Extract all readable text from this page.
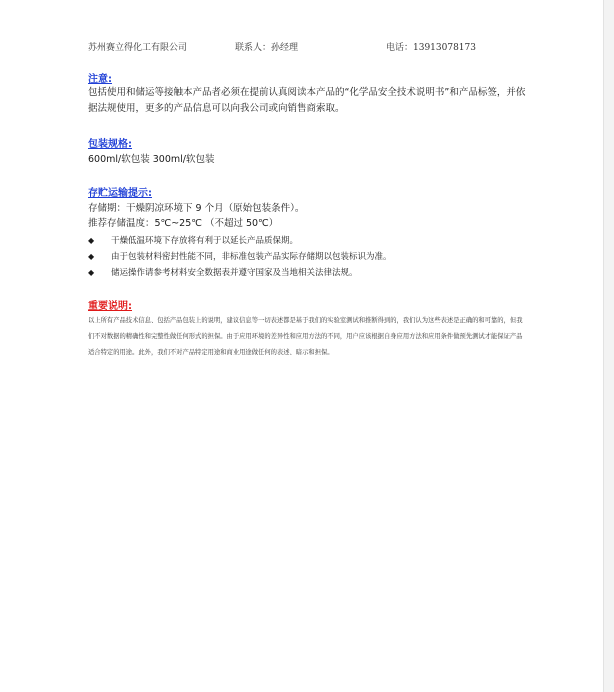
苏州赛立得化工有限公司	联系人：孙经理	电话：13913078173
注意:
包括使用和储运等接触本产品者必须在提前认真阅读本产品的“化学品安全技术说明书”和产品标签，并依据法规使用，更多的产品信息可以向我公司或向销售商索取。
包装规格:
600ml/软包装 300ml/软包装
存贮运输提示:
存储期：干燥阴凉环境下 9 个月（原始包装条件）。
推荐存储温度：5℃~25℃ （不超过 50℃）
◆ 干燥低温环境下存放将有利于以延长产品质保期。
◆ 由于包装材料密封性能不同，非标准包装产品实际存储期以包装标识为准。
◆ 储运操作请参考材料安全数据表并遵守国家及当地相关法律法规。
重要说明:
以上所有产品技术信息、包括产品包装上的说明，建议信息等一切表述都是基于我们的实验室测试和推断得到的，我们认为这些表述是正确的和可靠的，但我们不对数据的精确性和完整性做任何形式的担保。由于应用环境的差异性和应用方法的不同，用户应该根据自身应用方法和应用条件做预先测试才能保证产品适合特定的用途。此外，我们不对产品特定用途和商业用途做任何的表述、暗示和担保。
